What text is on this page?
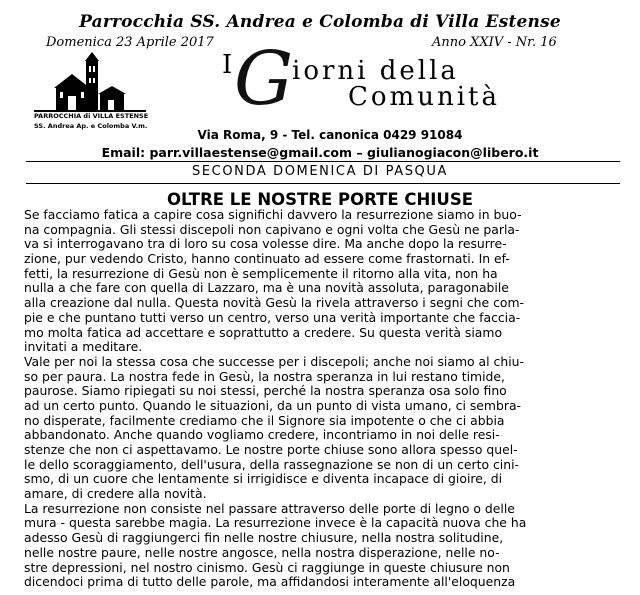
Parrocchia SS. Andrea e Colomba di Villa Estense
Domenica 23 Aprile 2017	Anno XXIV - Nr. 16
PARROCCHIA di VILLA ESTENSE
SS. Andrea Ap. e Colomba V.m.
I G
iorni della
Comunità
Via Roma, 9 - Tel. canonica 0429 91084
Email: parr.villaestense@gmail.com – giulianogiacon@libero.it
SECONDA DOMENICA DI PASQUA
OLTRE LE NOSTRE PORTE CHIUSE
Se facciamo fatica a capire cosa significhi davvero la resurrezione siamo in buo-
na compagnia. Gli stessi discepoli non capivano e ogni volta che Gesù ne parla-
va si interrogavano tra di loro su cosa volesse dire. Ma anche dopo la resurre-
zione, pur vedendo Cristo, hanno continuato ad essere come frastornati. In ef-
fetti, la resurrezione di Gesù non è semplicemente il ritorno alla vita, non ha
nulla a che fare con quella di Lazzaro, ma è una novità assoluta, paragonabile
alla creazione dal nulla. Questa novità Gesù la rivela attraverso i segni che com-
pie e che puntano tutti verso un centro, verso una verità importante che faccia-
mo molta fatica ad accettare e soprattutto a credere. Su questa verità siamo
invitati a meditare.
Vale per noi la stessa cosa che successe per i discepoli; anche noi siamo al chiu-
so per paura. La nostra fede in Gesù, la nostra speranza in lui restano timide,
paurose. Siamo ripiegati su noi stessi, perché la nostra speranza osa solo fino
ad un certo punto. Quando le situazioni, da un punto di vista umano, ci sembra-
no disperate, facilmente crediamo che il Signore sia impotente o che ci abbia
abbandonato. Anche quando vogliamo credere, incontriamo in noi delle resi-
stenze che non ci aspettavamo. Le nostre porte chiuse sono allora spesso quel-
le dello scoraggiamento, dell'usura, della rassegnazione se non di un certo cini-
smo, di un cuore che lentamente si irrigidisce e diventa incapace di gioire, di
amare, di credere alla novità.
La resurrezione non consiste nel passare attraverso delle porte di legno o delle
mura - questa sarebbe magia. La resurrezione invece è la capacità nuova che ha
adesso Gesù di raggiungerci fin nelle nostre chiusure, nella nostra solitudine,
nelle nostre paure, nelle nostre angosce, nella nostra disperazione, nelle no-
stre depressioni, nel nostro cinismo. Gesù ci raggiunge in queste chiusure non
dicendoci prima di tutto delle parole, ma affidandosi interamente all'eloquenza
